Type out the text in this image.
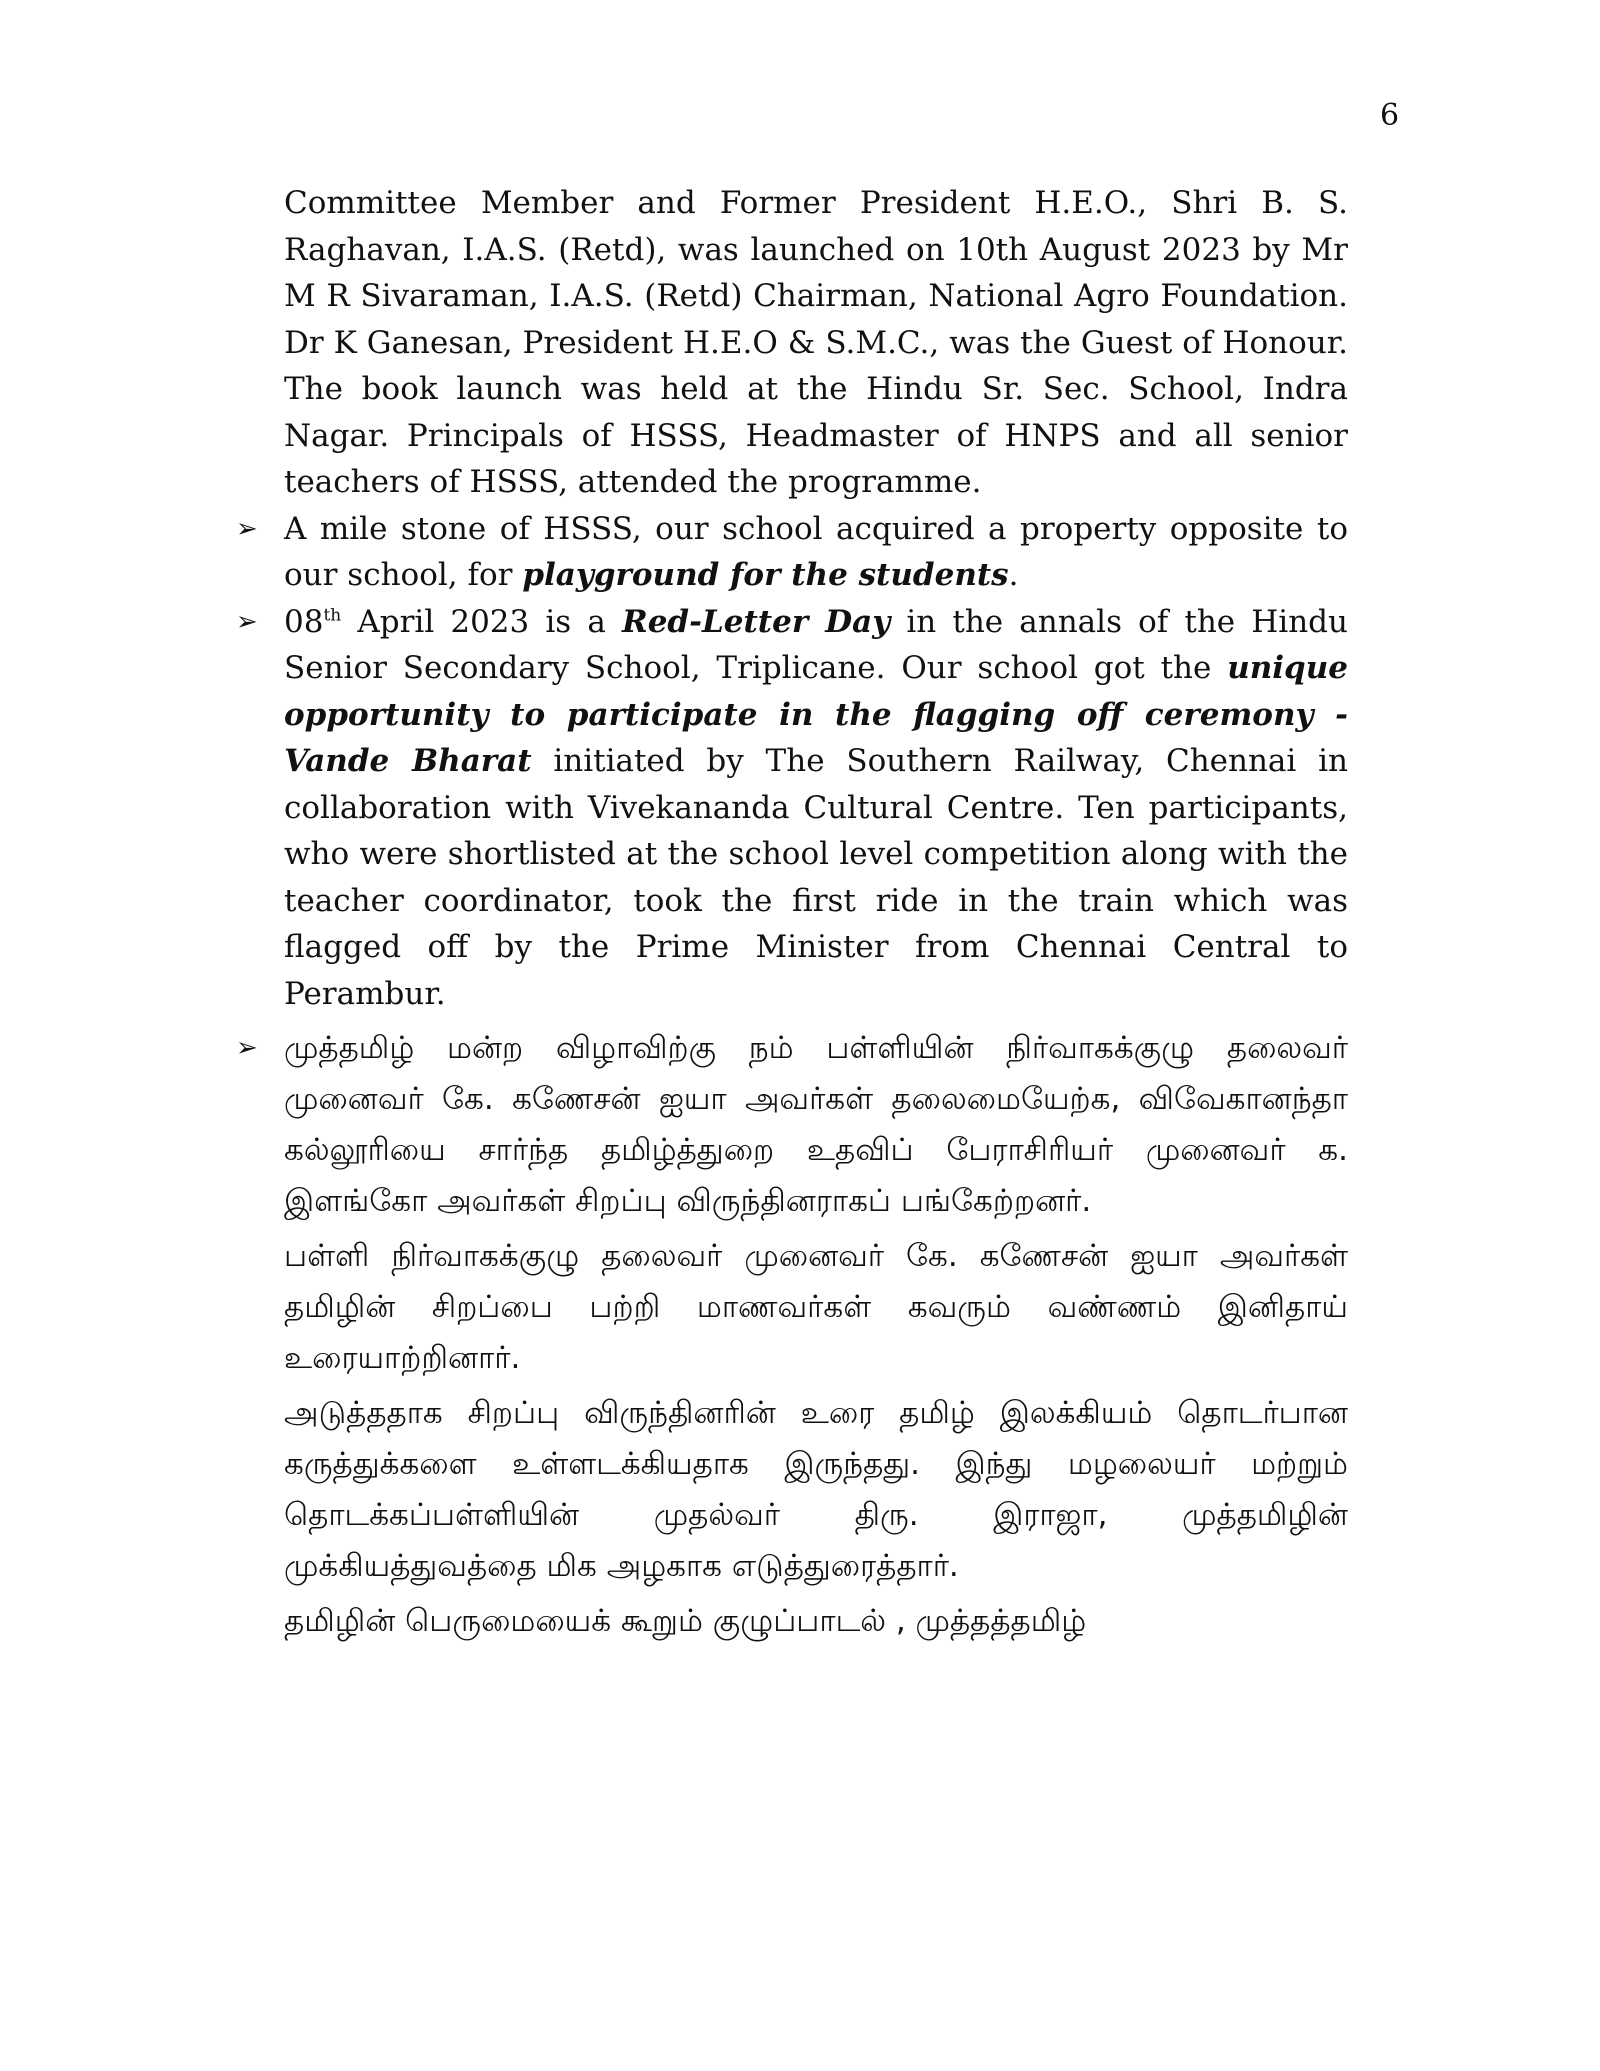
6

Committee Member and Former President H.E.O., Shri B. S. Raghavan, I.A.S. (Retd), was launched on 10th August 2023 by Mr M R Sivaraman, I.A.S. (Retd) Chairman, National Agro Foundation. Dr K Ganesan, President H.E.O & S.M.C., was the Guest of Honour. The book launch was held at the Hindu Sr. Sec. School, Indra Nagar. Principals of HSSS, Headmaster of HNPS and all senior teachers of HSSS, attended the programme.

➢ A mile stone of HSSS, our school acquired a property opposite to our school, for playground for the students.

➢ 08th April 2023 is a Red-Letter Day in the annals of the Hindu Senior Secondary School, Triplicane. Our school got the unique opportunity to participate in the flagging off ceremony - Vande Bharat initiated by The Southern Railway, Chennai in collaboration with Vivekananda Cultural Centre. Ten participants, who were shortlisted at the school level competition along with the teacher coordinator, took the first ride in the train which was flagged off by the Prime Minister from Chennai Central to Perambur.

➢ முத்தமிழ் மன்ற விழாவிற்கு நம் பள்ளியின் நிர்வாகக்குழு தலைவர் முனைவர் கே. கணேசன் ஐயா அவர்கள் தலைமையேற்க, விவேகானந்தா கல்லூரியை சார்ந்த தமிழ்த்துறை உதவிப் பேராசிரியர் முனைவர் க. இளங்கோ அவர்கள் சிறப்பு விருந்தினராகப் பங்கேற்றனர்.

பள்ளி நிர்வாகக்குழு தலைவர் முனைவர் கே. கணேசன் ஐயா அவர்கள் தமிழின் சிறப்பை பற்றி மாணவர்கள் கவரும் வண்ணம் இனிதாய் உரையாற்றினார்.

அடுத்ததாக சிறப்பு விருந்தினரின் உரை தமிழ் இலக்கியம் தொடர்பான கருத்துக்களை உள்ளடக்கியதாக இருந்தது. இந்து மழலையர் மற்றும் தொடக்கப்பள்ளியின் முதல்வர் திரு. இராஜா, முத்தமிழின் முக்கியத்துவத்தை மிக அழகாக எடுத்துரைத்தார்.

தமிழின் பெருமையைக் கூறும் குழுப்பாடல் , முத்தத்தமிழ்
